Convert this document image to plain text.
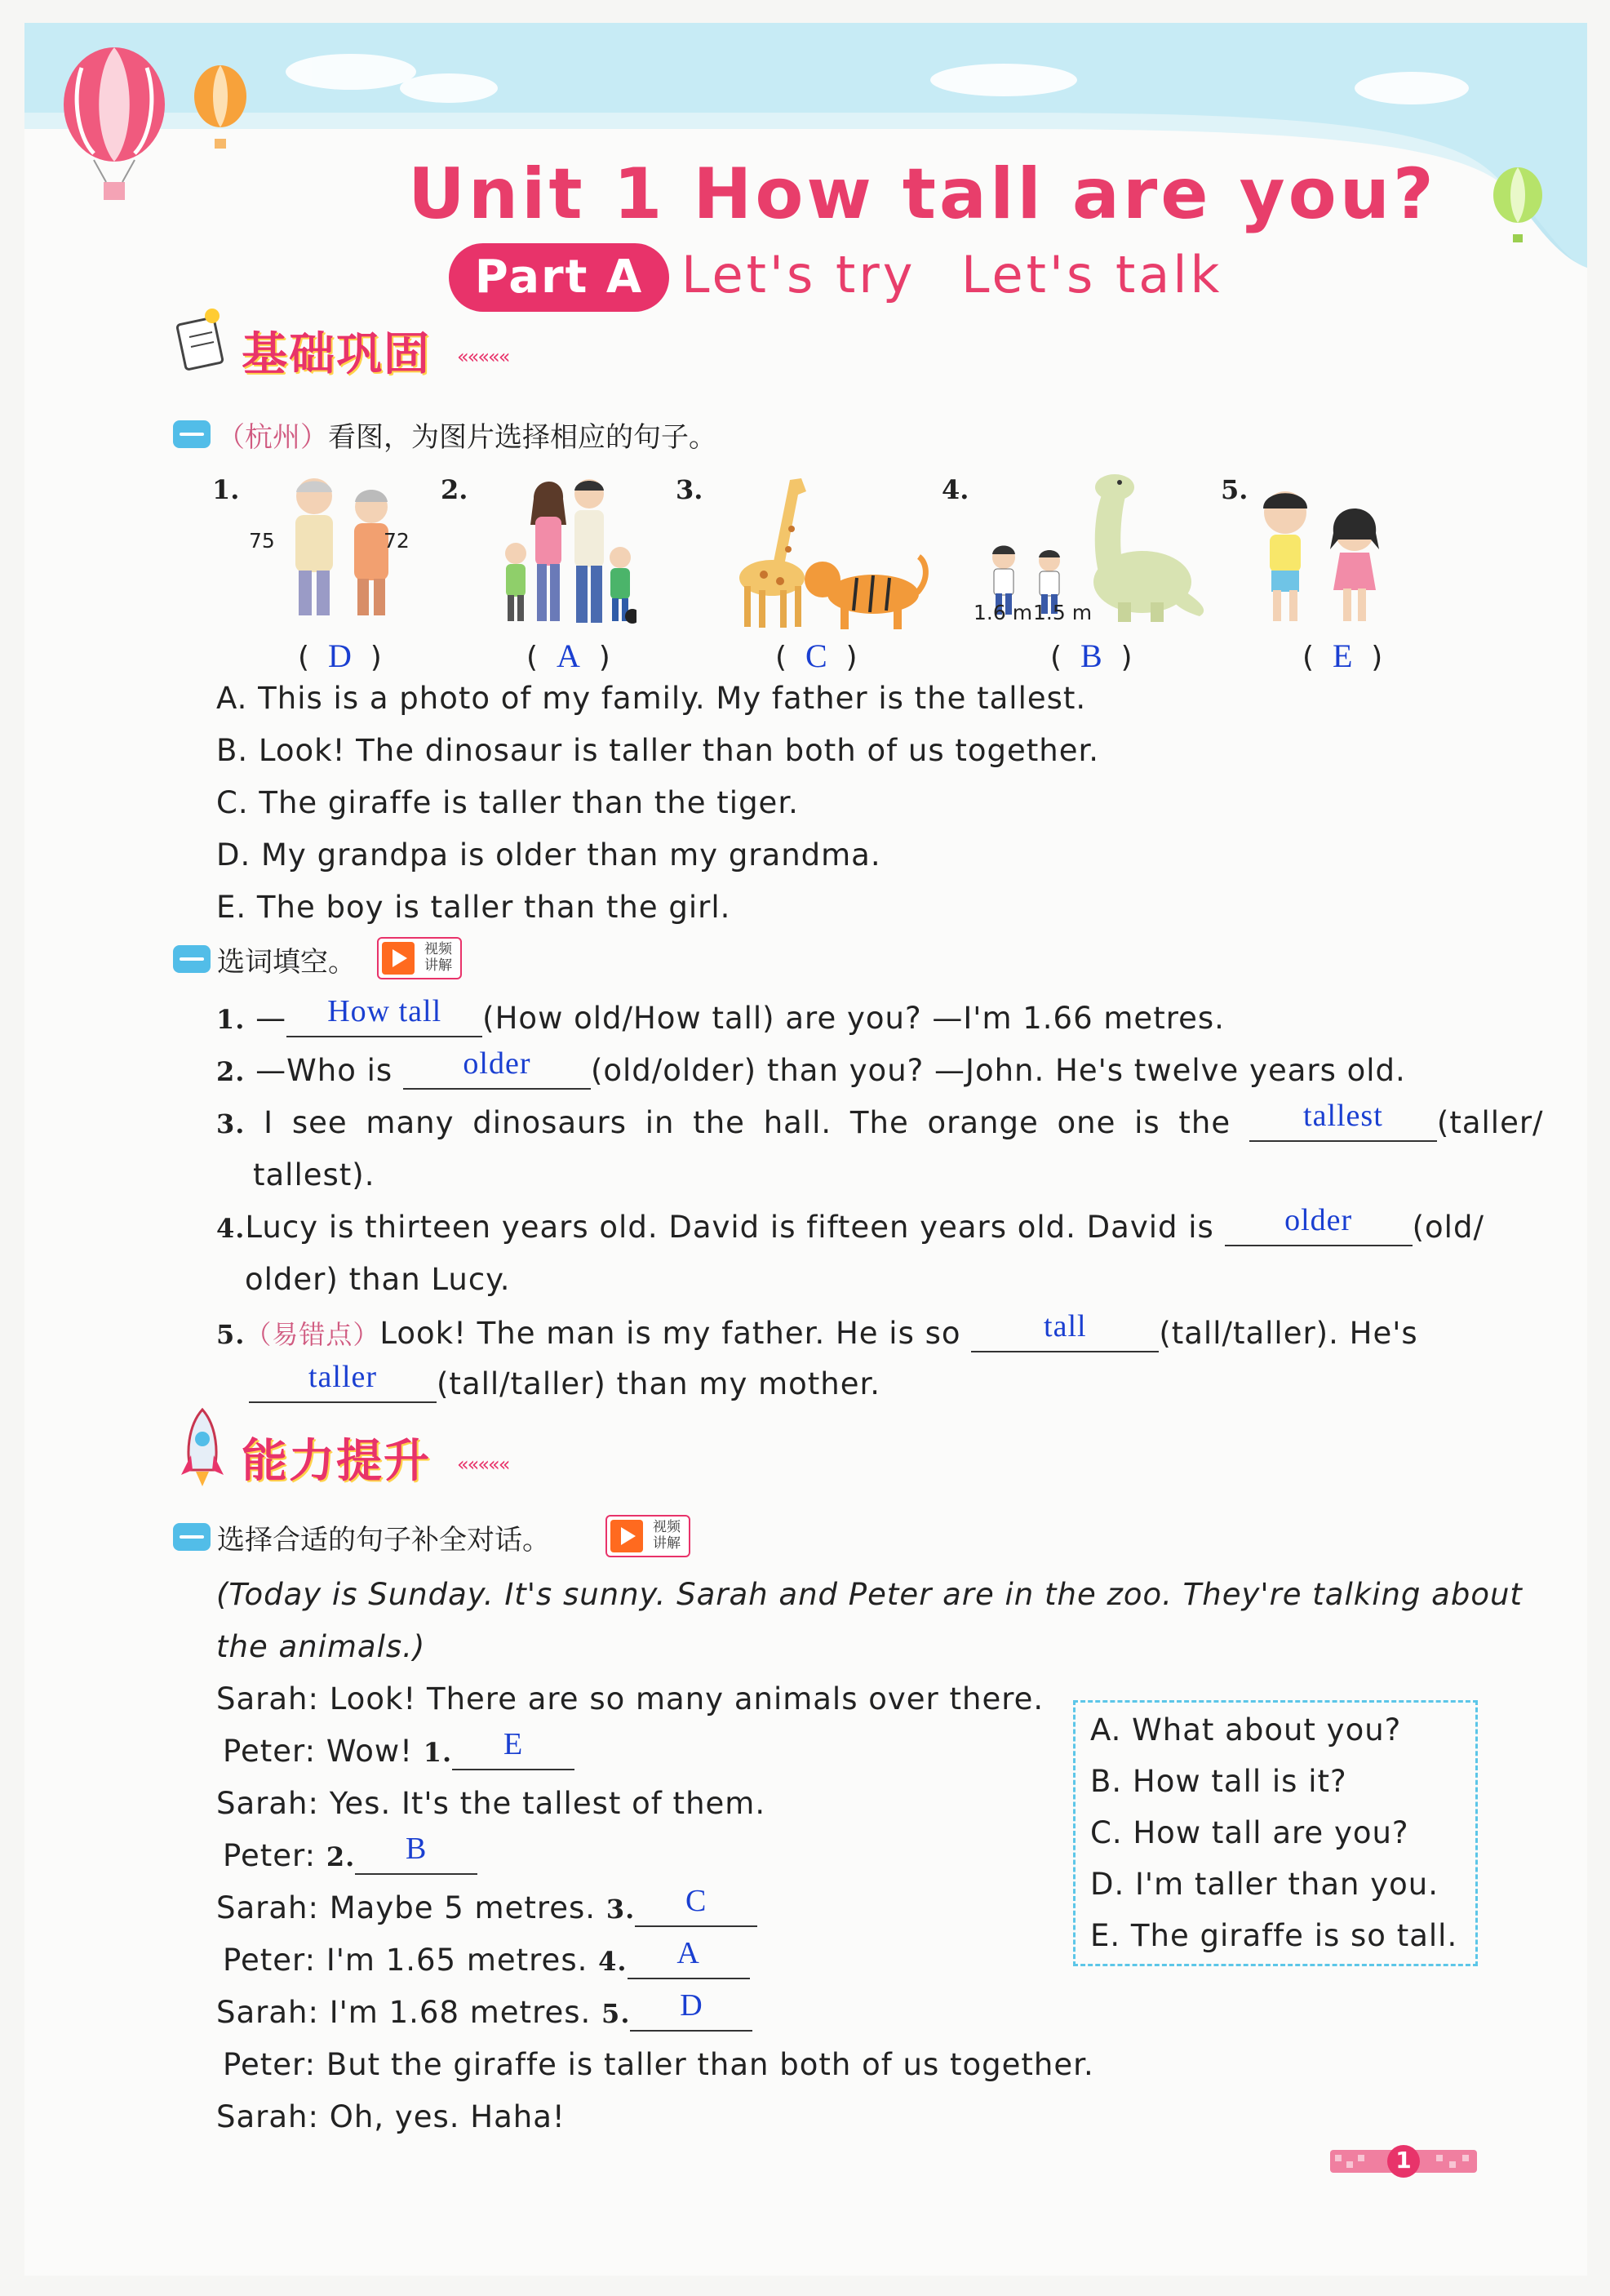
Unit 1 How tall are you?
Part A Let's try Let's talk
基础巩固 «««««
（杭州）看图，为图片选择相应的句子。
1.	2.	3.	4.	5.
75	72
1.6 m 1.5 m
(  D  )	(  A  )	(  C  )	(  B  )	(  E  )
A. This is a photo of my family. My father is the tallest.
B. Look! The dinosaur is taller than both of us together.
C. The giraffe is taller than the tiger.
D. My grandpa is older than my grandma.
E. The boy is taller than the girl.
选词填空。	视频讲解
1. —	How tall	(How old/How tall) are you? —I'm 1.66 metres.
2. —Who is	older	(old/older) than you? —John. He's twelve years old.
3. I see many dinosaurs in the hall. The orange one is the	tallest	(taller/
tallest).
4.Lucy is thirteen years old. David is fifteen years old. David is	older	(old/
older) than Lucy.
5.（易错点）Look! The man is my father. He is so	tall	(tall/taller). He's
taller	(tall/taller) than my mother.
能力提升 «««««
选择合适的句子补全对话。	视频讲解
(Today is Sunday. It's sunny. Sarah and Peter are in the zoo. They're talking about
the animals.)
Sarah: Look! There are so many animals over there.
Peter: Wow! 1.	E

Sarah: Yes. It's the tallest of them.
Peter: 2.	B

Sarah: Maybe 5 metres. 3.	C

Peter: I'm 1.65 metres. 4.	A

Sarah: I'm 1.68 metres. 5.	D

Peter: But the giraffe is taller than both of us together.
Sarah: Oh, yes. Haha!
A. What about you?
B. How tall is it?
C. How tall are you?
D. I'm taller than you.
E. The giraffe is so tall.
1
